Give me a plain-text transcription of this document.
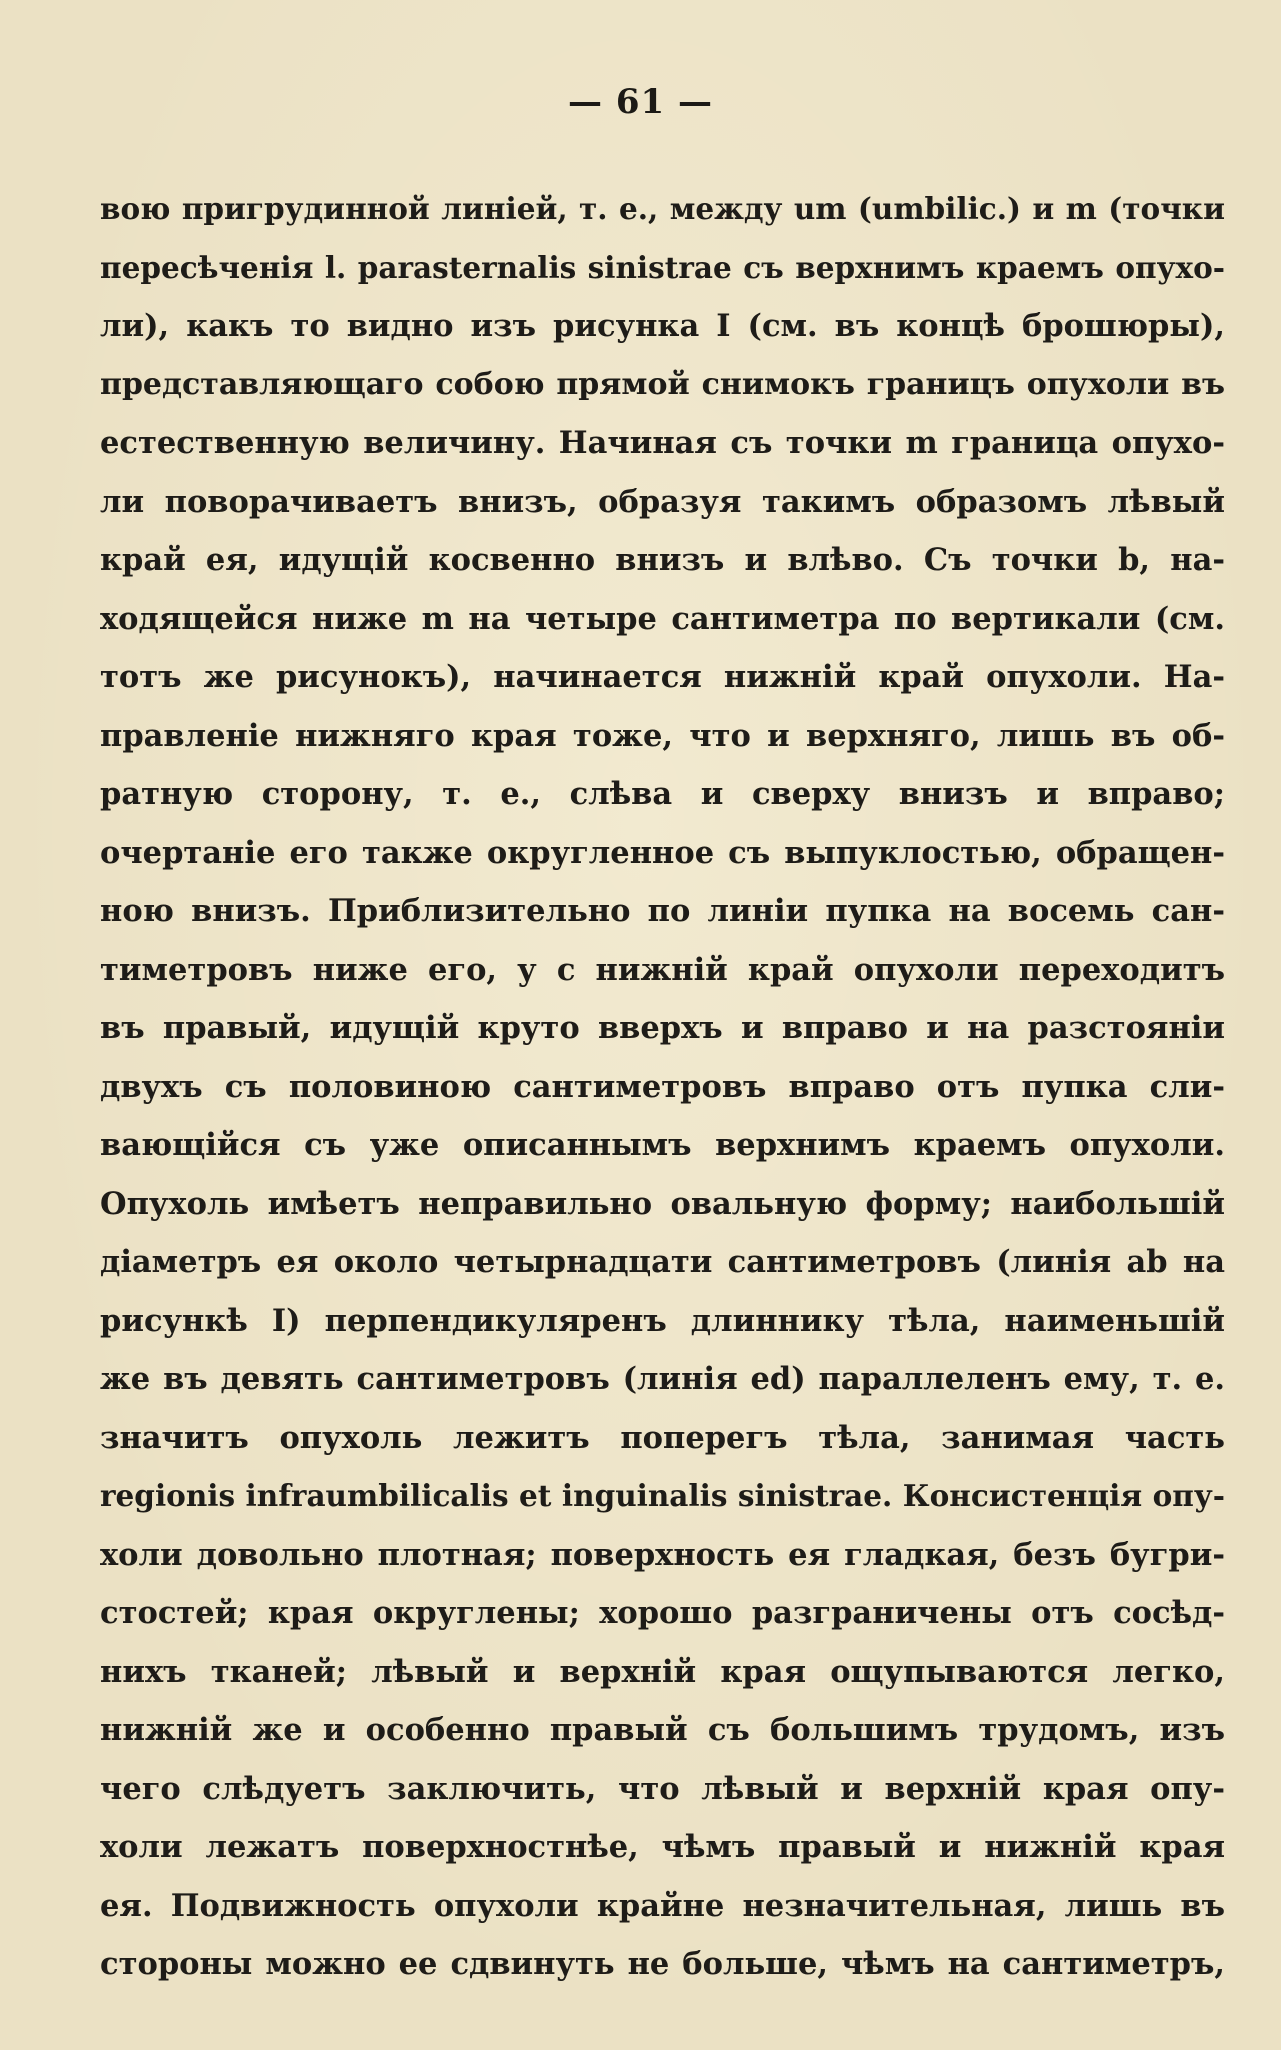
— 61 —
вою пригрудинной линiей, т. е., между um (umbilic.) и m (точки
пересѣченiя l. parasternalis sinistrae съ верхнимъ краемъ опухо-
ли), какъ то видно изъ рисунка I (см. въ концѣ брошюры),
представляющаго собою прямой снимокъ границъ опухоли въ
естественную величину. Начиная съ точки m граница опухо-
ли поворачиваетъ внизъ, образуя такимъ образомъ лѣвый
край ея, идущiй косвенно внизъ и влѣво. Съ точки b, на-
ходящейся ниже m на четыре сантиметра по вертикали (см.
тотъ же рисунокъ), начинается нижнiй край опухоли. На-
правленiе нижняго края тоже, что и верхняго, лишь въ об-
ратную сторону, т. е., слѣва и сверху внизъ и вправо;
очертанiе его также округленное съ выпуклостью, обращен-
ною внизъ. Приблизительно по линiи пупка на восемь сан-
тиметровъ ниже его, у c нижнiй край опухоли переходитъ
въ правый, идущiй круто вверхъ и вправо и на разстоянiи
двухъ съ половиною сантиметровъ вправо отъ пупка сли-
вающiйся съ уже описаннымъ верхнимъ краемъ опухоли.
Опухоль имѣетъ неправильно овальную форму; наибольшiй
дiаметръ ея около четырнадцати сантиметровъ (линiя ab на
рисункѣ I) перпендикуляренъ длиннику тѣла, наименьшiй
же въ девять сантиметровъ (линiя ed) параллеленъ ему, т. е.
значитъ опухоль лежитъ поперегъ тѣла, занимая часть
regionis infraumbilicalis et inguinalis sinistrae. Консистенцiя опу-
холи довольно плотная; поверхность ея гладкая, безъ бугри-
стостей; края округлены; хорошо разграничены отъ сосѣд-
нихъ тканей; лѣвый и верхнiй края ощупываются легко,
нижнiй же и особенно правый съ большимъ трудомъ, изъ
чего слѣдуетъ заключить, что лѣвый и верхнiй края опу-
холи лежатъ поверхностнѣе, чѣмъ правый и нижнiй края
ея. Подвижность опухоли крайне незначительная, лишь въ
стороны можно ее сдвинуть не больше, чѣмъ на сантиметръ,
